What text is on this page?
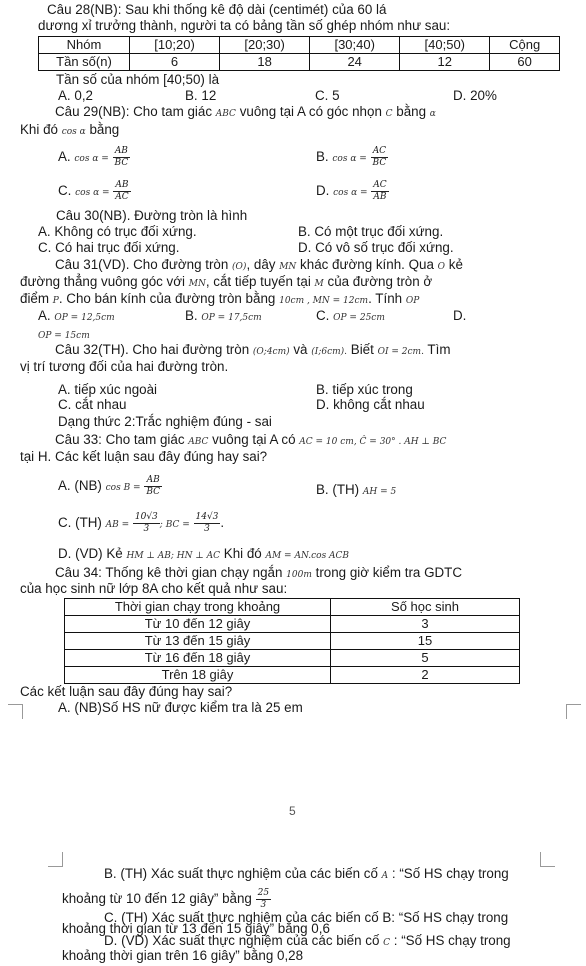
Câu 28(NB): Sau khi thống kê độ dài (centimét) của 60 lá
dương xỉ trưởng thành, người ta có bảng tần số ghép nhóm như sau:
Nhóm	[10;20)	[20;30)	[30;40)	[40;50)	Cộng
Tần số(n)	6	18	24	12	60
Tần số của nhóm [40;50) là
A. 0,2	B. 12	C. 5	D. 20%
Câu 29(NB): Cho tam giác ABC vuông tại A có góc nhọn C bằng α
Khi đó cos α bằng
A. $\cos \alpha = \frac{AB}{BC}$	B. $\cos \alpha = \frac{AC}{BC}$
C. $\cos \alpha = \frac{AB}{AC}$	D. $\cos \alpha = \frac{AC}{AB}$
Câu 30(NB). Đường tròn là hình
A. Không có trục đối xứng.	B. Có một trục đối xứng.
C. Có hai trục đối xứng.	D. Có vô số trục đối xứng.
Câu 31(VD). Cho đường tròn (O), dây MN khác đường kính. Qua O kẻ
đường thẳng vuông góc với MN, cắt tiếp tuyến tại M của đường tròn ở
điểm P. Cho bán kính của đường tròn bằng 10cm , MN = 12cm. Tính OP
A. OP = 12,5cm	B. OP = 17,5cm	C. OP = 25cm	D.
OP = 15cm
Câu 32(TH). Cho hai đường tròn (O;4cm) và (I;6cm). Biết OI = 2cm. Tìm
vị trí tương đối của hai đường tròn.
A. tiếp xúc ngoài	B. tiếp xúc trong
C. cắt nhau	D. không cắt nhau
Dạng thức 2:Trắc nghiệm đúng - sai
Câu 33: Cho tam giác ABC vuông tại A có AC = 10 cm, Ĉ = 30° . AH ⊥ BC
tại H. Các kết luận sau đây đúng hay sai?
A. (NB) $\cos B = \frac{AB}{BC}$	B. (TH) AH = 5
C. (TH) AB = $\frac{10√3}{3}$ ; BC = $\frac{14√3}{3}$ .
D. (VD) Kẻ HM ⊥ AB; HN ⊥ AC Khi đó AM = AN.cos ACB
Câu 34: Thống kê thời gian chạy ngắn 100m trong giờ kiểm tra GDTC
của học sinh nữ lớp 8A cho kết quả như sau:
Thời gian chạy trong khoảng	Số học sinh
Từ 10 đến 12 giây	3
Từ 13 đến 15 giây	15
Từ 16 đến 18 giây	5
Trên 18 giây	2
Các kết luận sau đây đúng hay sai?
A. (NB)Số HS nữ được kiểm tra là 25 em
5
B. (TH) Xác suất thực nghiệm của các biến cố A : “Số HS chạy trong
khoảng từ 10 đến 12 giây” bằng $\frac{25}{3}$
C. (TH) Xác suất thực nghiệm của các biến cố B: “Số HS chạy trong
khoảng thời gian từ 13 đến 15 giây” bằng 0,6
D. (VD) Xác suất thực nghiệm của các biến cố C : “Số HS chạy trong
khoảng thời gian trên 16 giây” bằng 0,28
